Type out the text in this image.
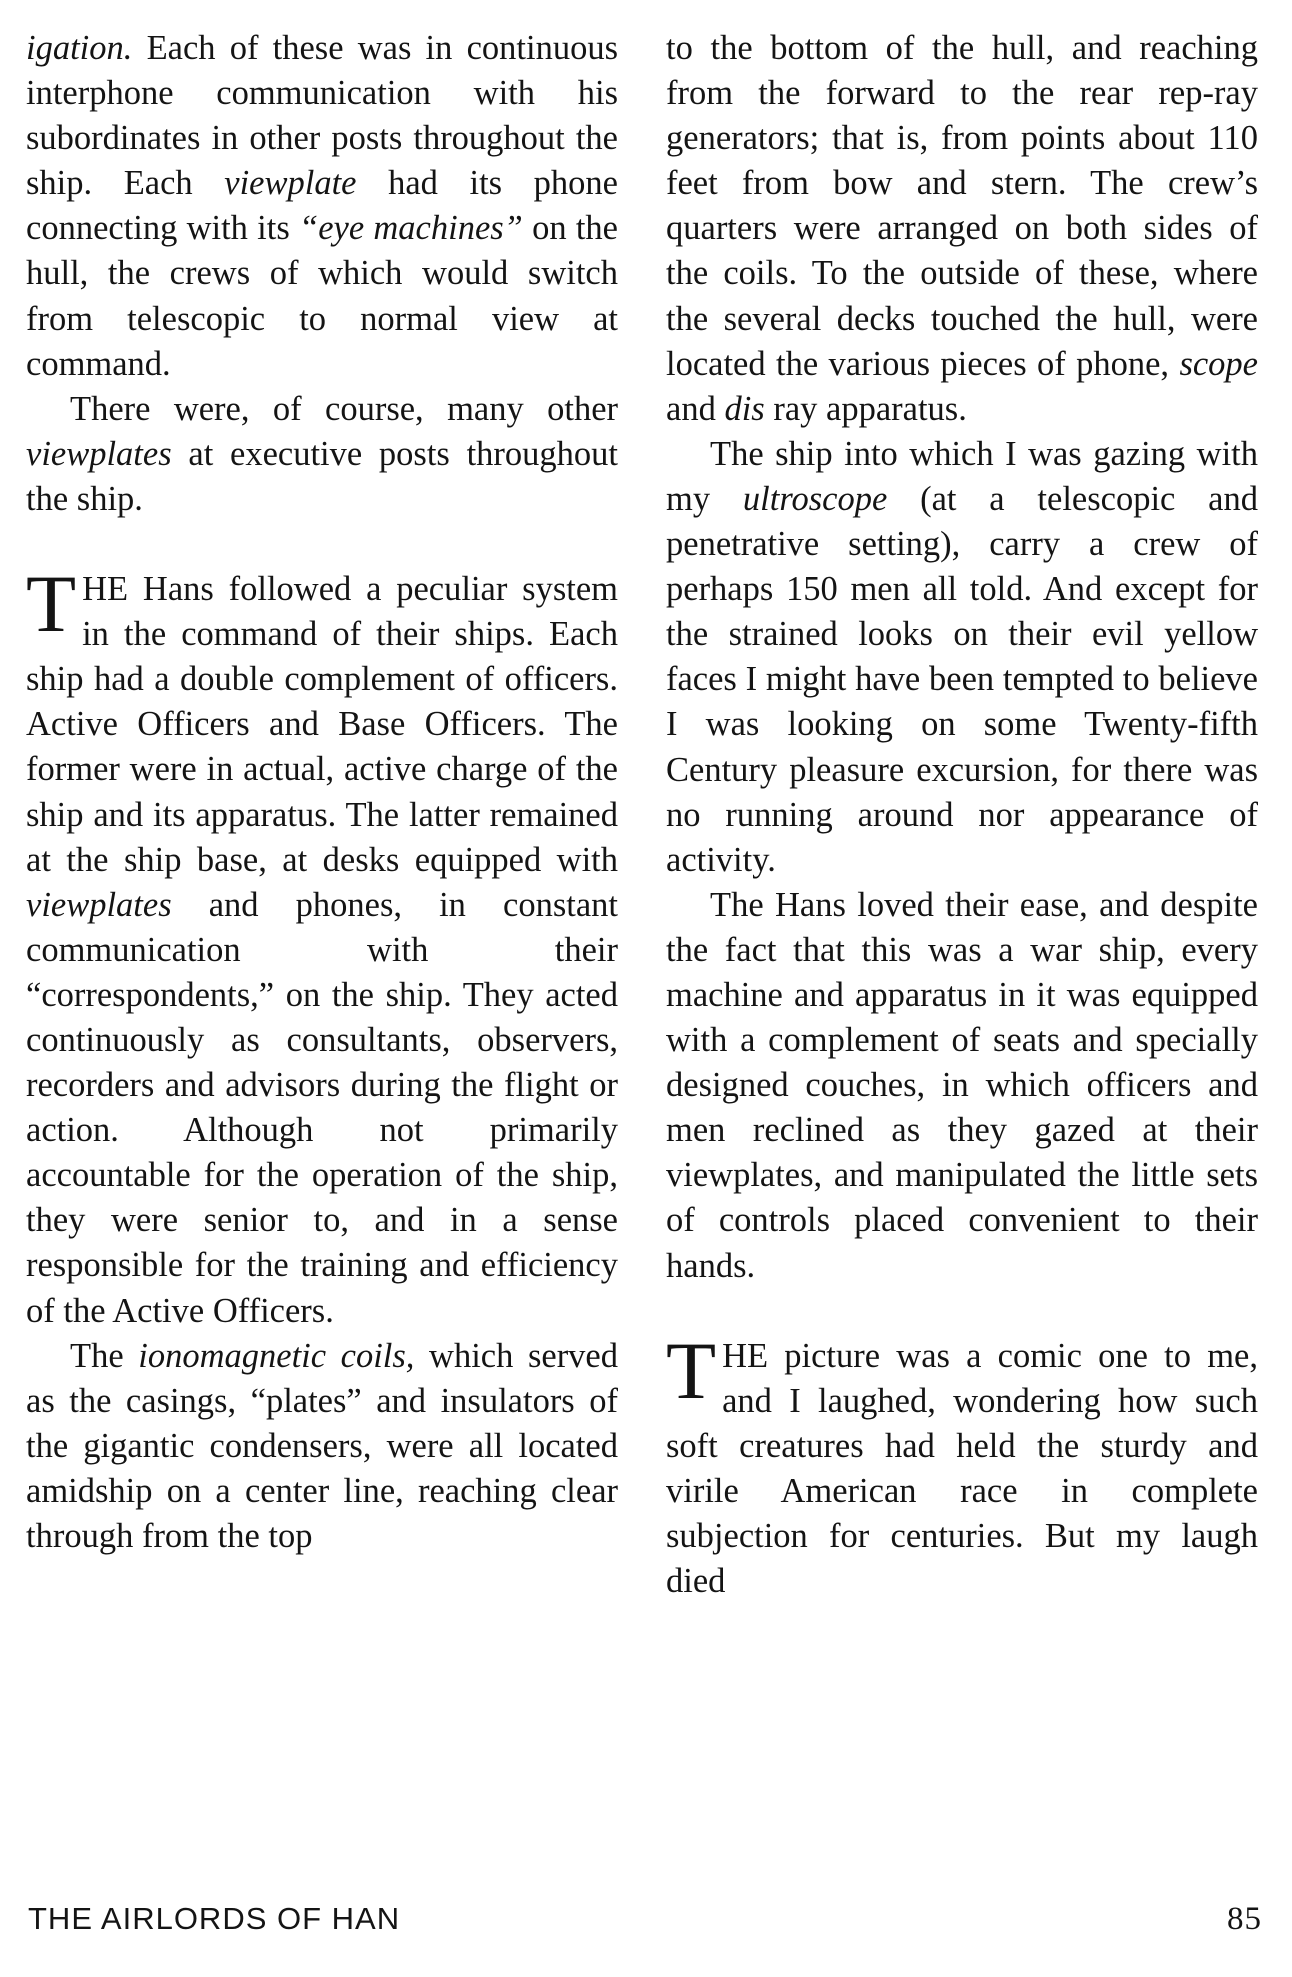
igation. Each of these was in continuous interphone communication with his subordinates in other posts throughout the ship. Each viewplate had its phone connecting with its “eye machines” on the hull, the crews of which would switch from telescopic to normal view at command.

There were, of course, many other viewplates at executive posts throughout the ship.

THE Hans followed a peculiar system in the command of their ships. Each ship had a double complement of officers. Active Officers and Base Officers. The former were in actual, active charge of the ship and its apparatus. The latter remained at the ship base, at desks equipped with viewplates and phones, in constant communication with their “correspondents,” on the ship. They acted continuously as consultants, observers, recorders and advisors during the flight or action. Although not primarily accountable for the operation of the ship, they were senior to, and in a sense responsible for the training and efficiency of the Active Officers.

The ionomagnetic coils, which served as the casings, “plates” and insulators of the gigantic condensers, were all located amidship on a center line, reaching clear through from the top

to the bottom of the hull, and reaching from the forward to the rear rep-ray generators; that is, from points about 110 feet from bow and stern. The crew’s quarters were arranged on both sides of the coils. To the outside of these, where the several decks touched the hull, were located the various pieces of phone, scope and dis ray apparatus.

The ship into which I was gazing with my ultroscope (at a telescopic and penetrative setting), carry a crew of perhaps 150 men all told. And except for the strained looks on their evil yellow faces I might have been tempted to believe I was looking on some Twenty-fifth Century pleasure excursion, for there was no running around nor appearance of activity.

The Hans loved their ease, and despite the fact that this was a war ship, every machine and apparatus in it was equipped with a complement of seats and specially designed couches, in which officers and men reclined as they gazed at their viewplates, and manipulated the little sets of controls placed convenient to their hands.

THE picture was a comic one to me, and I laughed, wondering how such soft creatures had held the sturdy and virile American race in complete subjection for centuries. But my laugh died

THE AIRLORDS OF HAN	85
